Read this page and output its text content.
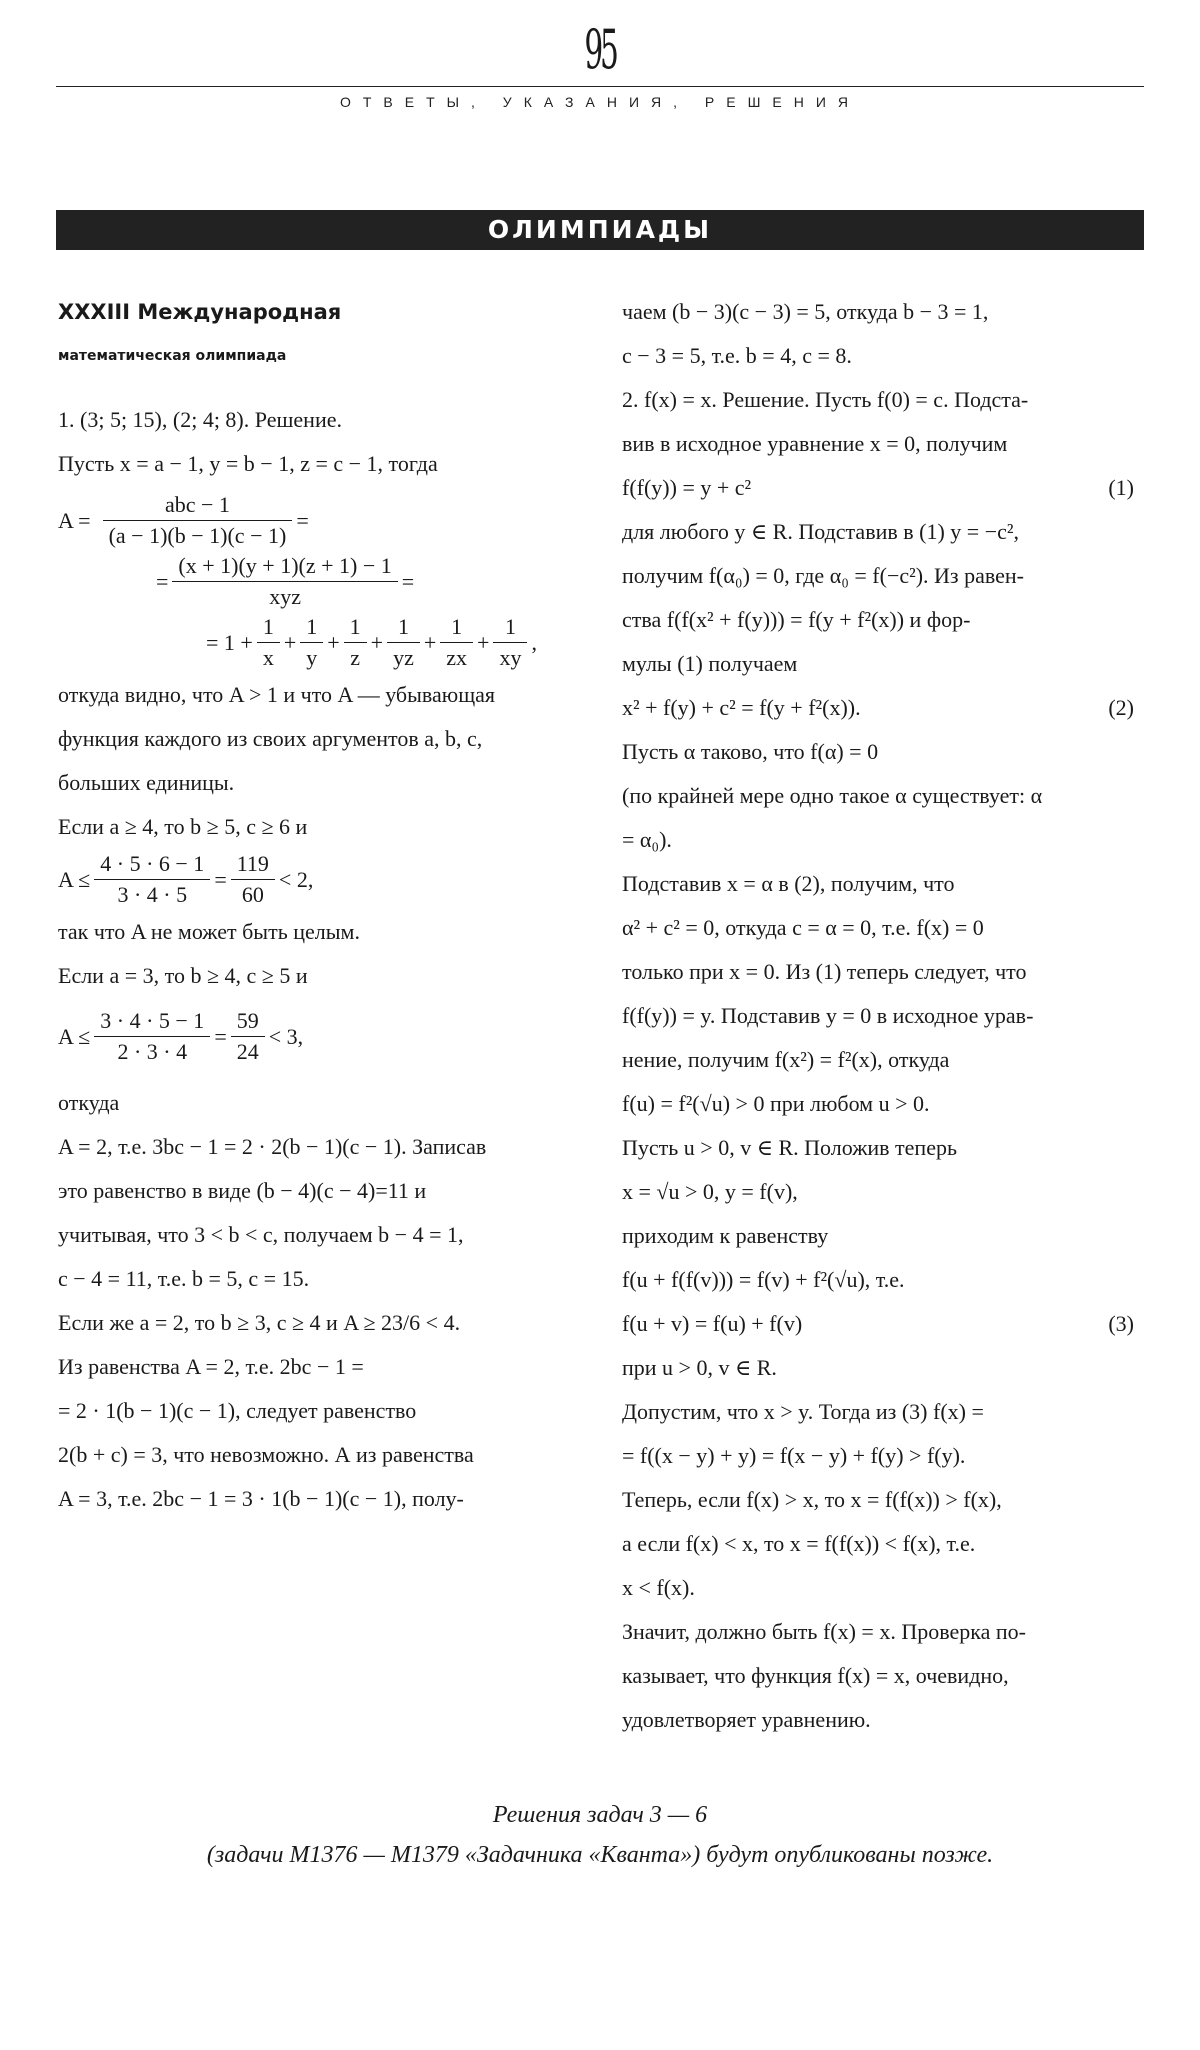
95
ОТВЕТЫ, УКАЗАНИЯ, РЕШЕНИЯ
ОЛИМПИАДЫ
XXXIII Международная
математическая олимпиада
1. (3; 5; 15), (2; 4; 8). Решение.
Пусть x = a − 1, y = b − 1, z = c − 1, тогда
$A = \frac{\text{abc − 1}}{(a - 1)(b - 1)(c - 1)}$ =
= $\frac{(x + 1)(y + 1)(z + 1) - 1}{\text{xyz}}$ =
= $1 + \frac{1}{x} + \frac{1}{y} + \frac{1}{z} + \frac{1}{yz} + \frac{1}{zx} + \frac{1}{xy}$ ,
откуда видно, что A > 1 и что A — убывающая
функция каждого из своих аргументов a, b, c,
больших единицы.
Если a ≥ 4, то b ≥ 5, c ≥ 6 и
$A \le \frac{4 \cdot 5 \cdot 6 - 1}{3 \cdot 4 \cdot 5} = \frac{119}{60} < 2$,
так что A не может быть целым.
Если a = 3, то b ≥ 4, c ≥ 5 и
$A \le \frac{3 \cdot 4 \cdot 5 - 1}{2 \cdot 3 \cdot 4} = \frac{59}{24} < 3$,
откуда
A = 2, т.е. 3bc − 1 = 2 · 2(b − 1)(c − 1). Записав
это равенство в виде (b − 4)(c − 4)=11 и
учитывая, что 3 < b < c, получаем b − 4 = 1,
c − 4 = 11, т.е. b = 5, c = 15.
Если же a = 2, то b ≥ 3, c ≥ 4 и A ≥ 23/6 < 4.
Из равенства A = 2, т.е. 2bc − 1 =
= 2 · 1(b − 1)(c − 1), следует равенство
2(b + c) = 3, что невозможно. А из равенства
A = 3, т.е. 2bc − 1 = 3 · 1(b − 1)(c − 1), полу-
чаем (b − 3)(c − 3) = 5, откуда b − 3 = 1,
c − 3 = 5, т.е. b = 4, c = 8.
2. f(x) = x. Решение. Пусть f(0) = c. Подста-
вив в исходное уравнение x = 0, получим
f(f(y)) = y + c²	(1)
для любого y ∈ R. Подставив в (1) y = −c²,
получим f(α₀) = 0, где α₀ = f(−c²). Из равен-
ства f(f(x² + f(y))) = f(y + f²(x)) и фор-
мулы (1) получаем
x² + f(y) + c² = f(y + f²(x)).	(2)
Пусть α таково, что f(α) = 0
(по крайней мере одно такое α существует: α
= α₀).
Подставив x = α в (2), получим, что
α² + c² = 0, откуда c = α = 0, т.е. f(x) = 0
только при x = 0. Из (1) теперь следует, что
f(f(y)) = y. Подставив y = 0 в исходное урав-
нение, получим f(x²) = f²(x), откуда
f(u) = f²(√u) > 0 при любом u > 0.
Пусть u > 0, v ∈ R. Положив теперь
x = √u > 0, y = f(v),
приходим к равенству
f(u + f(f(v))) = f(v) + f²(√u), т.е.
f(u + v) = f(u) + f(v)	(3)
при u > 0, v ∈ R.
Допустим, что x > y. Тогда из (3) f(x) =
= f((x − y) + y) = f(x − y) + f(y) > f(y).
Теперь, если f(x) > x, то x = f(f(x)) > f(x),
а если f(x) < x, то x = f(f(x)) < f(x), т.е.
x < f(x).
Значит, должно быть f(x) = x. Проверка по-
казывает, что функция f(x) = x, очевидно,
удовлетворяет уравнению.
Решения задач 3 — 6
(задачи М1376 — М1379 «Задачника «Кванта») будут опубликованы позже.
